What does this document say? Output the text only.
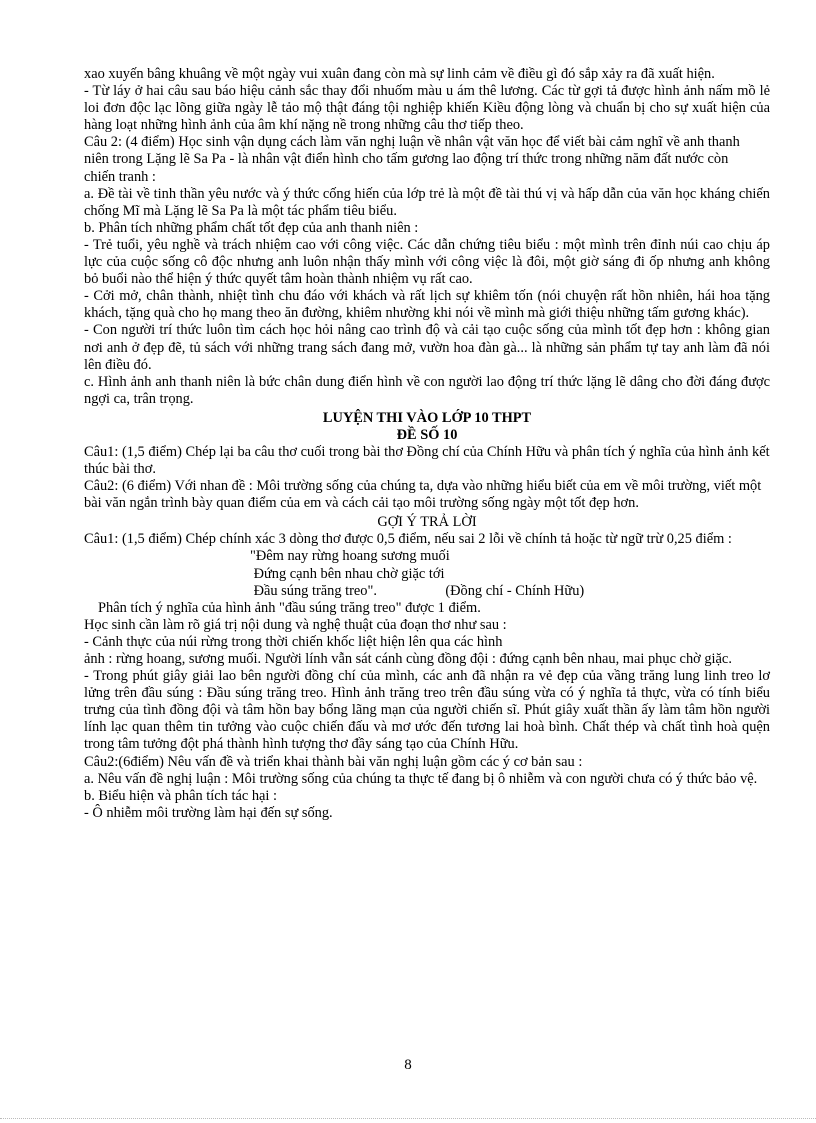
xao xuyến bâng khuâng về một ngày vui xuân đang còn mà sự linh cảm về điều gì đó sắp xảy ra đã xuất hiện.

- Từ láy ở hai câu sau báo hiệu cảnh sắc thay đổi nhuốm màu u ám thê lương. Các từ gợi tả được hình ảnh nấm mồ lẻ loi đơn độc lạc lõng giữa ngày lễ tảo mộ thật đáng tội nghiệp khiến Kiều động lòng và chuẩn bị cho sự xuất hiện của hàng loạt những hình ảnh của âm khí nặng nề trong những câu thơ tiếp theo.

Câu 2: (4 điểm) Học sinh vận dụng cách làm văn nghị luận về nhân vật văn học để viết bài cảm nghĩ về anh thanh niên trong Lặng lẽ Sa Pa - là nhân vật điển hình cho tấm gương lao động trí thức trong những năm đất nước còn

chiến tranh :

a. Đề tài về tinh thần yêu nước và ý thức cống hiến của lớp trẻ là một đề tài thú vị và hấp dẫn của văn học kháng chiến chống Mĩ mà Lặng lẽ Sa Pa là một tác phẩm tiêu biểu.

b. Phân tích những phẩm chất tốt đẹp của anh thanh niên :

- Trẻ tuổi, yêu nghề và trách nhiệm cao với công việc. Các dẫn chứng tiêu biểu : một mình trên đỉnh núi cao chịu áp lực của cuộc sống cô độc nhưng anh luôn nhận thấy mình với công việc là đôi, một giờ sáng đi ốp nhưng anh không bỏ buổi nào thể hiện ý thức quyết tâm hoàn thành nhiệm vụ rất cao.

- Cởi mở, chân thành, nhiệt tình chu đáo với khách và rất lịch sự khiêm tốn (nói chuyện rất hồn nhiên, hái hoa tặng khách, tặng quà cho họ mang theo ăn đường, khiêm nhường khi nói về mình mà giới thiệu những tấm gương khác).

- Con người trí thức luôn tìm cách học hỏi nâng cao trình độ và cải tạo cuộc sống của mình tốt đẹp hơn : không gian nơi anh ở đẹp đẽ, tủ sách với những trang sách đang mở, vườn hoa đàn gà... là những sản phẩm tự tay anh làm đã nói lên điều đó.

c. Hình ảnh anh thanh niên là bức chân dung điển hình về con người lao động trí thức lặng lẽ dâng cho đời đáng được ngợi ca, trân trọng.

LUYỆN THI VÀO LỚP 10 THPT

ĐỀ SỐ 10

Câu1: (1,5 điểm) Chép lại ba câu thơ cuối trong bài thơ Đồng chí của Chính Hữu và phân tích ý nghĩa của hình ảnh kết thúc bài thơ.

Câu2: (6 điểm) Với nhan đề : Môi trường sống của chúng ta, dựa vào những hiểu biết của em về môi trường, viết một bài văn ngắn trình bày quan điểm của em và cách cải tạo môi trường sống ngày một tốt đẹp hơn.

GỢI Ý TRẢ LỜI

Câu1: (1,5 điểm) Chép chính xác 3 dòng thơ được 0,5 điểm, nếu sai 2 lỗi về chính tả hoặc từ ngữ trừ 0,25 điểm :

"Đêm nay rừng hoang sương muối
Đứng cạnh bên nhau chờ giặc tới
Đầu súng trăng treo".                   (Đồng chí - Chính Hữu)

Phân tích ý nghĩa của hình ảnh "đầu súng trăng treo" được 1 điểm.

Học sinh cần làm rõ giá trị nội dung và nghệ thuật của đoạn thơ như sau :

- Cảnh thực của núi rừng trong thời chiến khốc liệt hiện lên qua các hình

ảnh : rừng hoang, sương muối. Người lính vẫn sát cánh cùng đồng đội : đứng cạnh bên nhau, mai phục chờ giặc.

- Trong phút giây giải lao bên người đồng chí của mình, các anh đã nhận ra vẻ đẹp của vầng trăng lung linh treo lơ lửng trên đầu súng : Đầu súng trăng treo. Hình ảnh trăng treo trên đầu súng vừa có ý nghĩa tả thực, vừa có tính biểu trưng của tình đồng đội và tâm hồn bay bổng lãng mạn của người chiến sĩ. Phút giây xuất thần ấy làm tâm hồn người lính lạc quan thêm tin tưởng vào cuộc chiến đấu và mơ ước đến tương lai hoà bình. Chất thép và chất tình hoà quện trong tâm tưởng đột phá thành hình tượng thơ đầy sáng tạo của Chính Hữu.

Câu2:(6điểm) Nêu vấn đề và triển khai thành bài văn nghị luận gồm các ý cơ bản sau :

a. Nêu vấn đề nghị luận : Môi trường sống của chúng ta thực tế đang bị ô nhiễm và con người chưa có ý thức bảo vệ.

b. Biểu hiện và phân tích tác hại :

- Ô nhiễm môi trường làm hại đến sự sống.

8
